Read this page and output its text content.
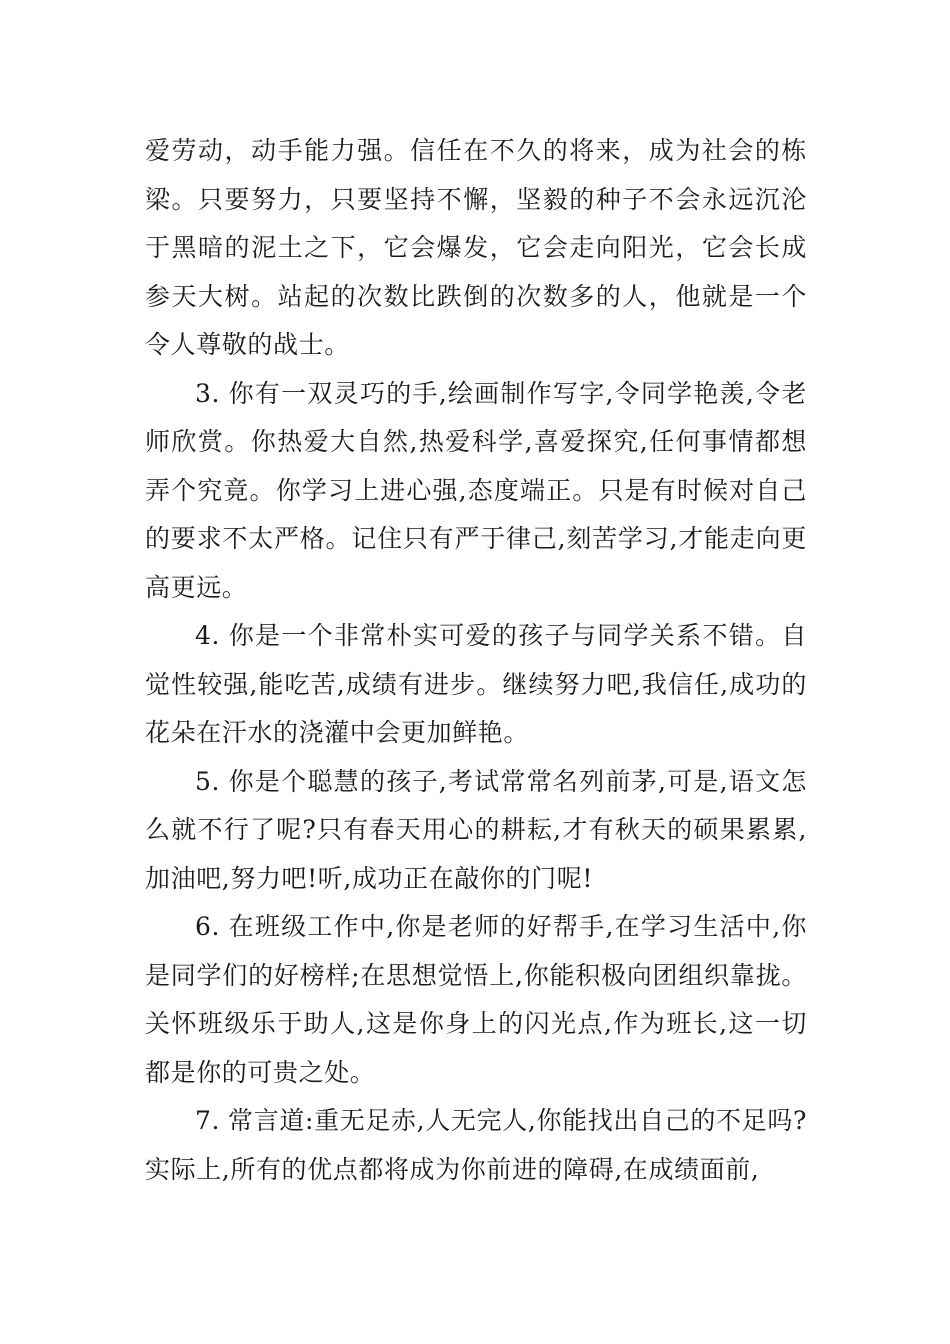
爱劳动，动手能力强。信任在不久的将来，成为社会的栋梁。只要努力，只要坚持不懈，坚毅的种子不会永远沉沦于黑暗的泥土之下，它会爆发，它会走向阳光，它会长成参天大树。站起的次数比跌倒的次数多的人，他就是一个令人尊敬的战士。

3. 你有一双灵巧的手,绘画制作写字,令同学艳羡,令老师欣赏。你热爱大自然,热爱科学,喜爱探究,任何事情都想弄个究竟。你学习上进心强,态度端正。只是有时候对自己的要求不太严格。记住只有严于律己,刻苦学习,才能走向更高更远。

4. 你是一个非常朴实可爱的孩子与同学关系不错。自觉性较强,能吃苦,成绩有进步。继续努力吧,我信任,成功的花朵在汗水的浇灌中会更加鲜艳。

5. 你是个聪慧的孩子,考试常常名列前茅,可是,语文怎么就不行了呢?只有春天用心的耕耘,才有秋天的硕果累累,加油吧,努力吧!听,成功正在敲你的门呢!

6. 在班级工作中,你是老师的好帮手,在学习生活中,你是同学们的好榜样;在思想觉悟上,你能积极向团组织靠拢。关怀班级乐于助人,这是你身上的闪光点,作为班长,这一切都是你的可贵之处。

7. 常言道:重无足赤,人无完人,你能找出自己的不足吗?实际上,所有的优点都将成为你前进的障碍,在成绩面前,
